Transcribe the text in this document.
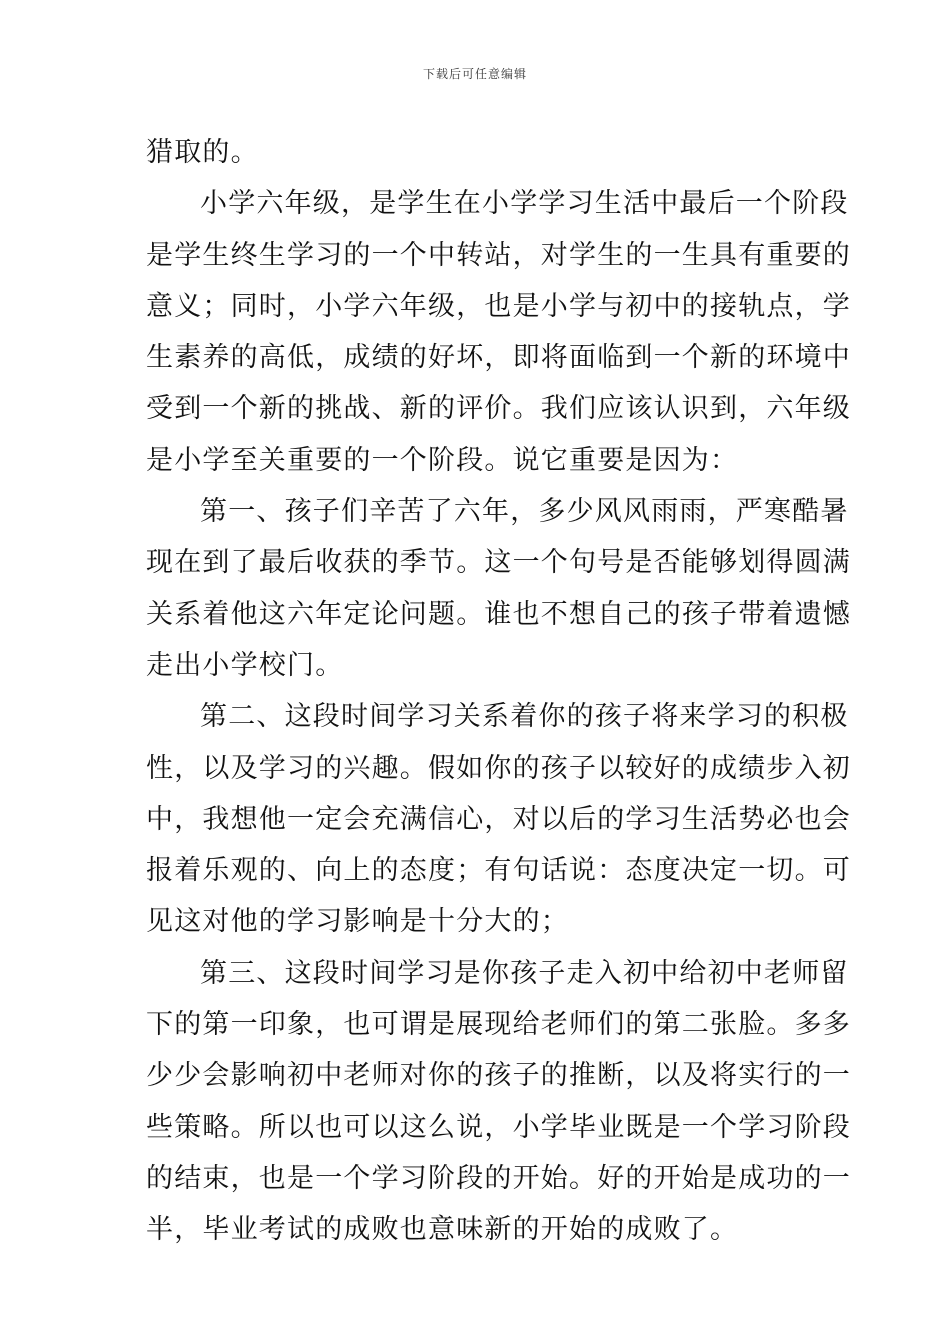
下载后可任意编辑
猎取的。
小学六年级，是学生在小学学习生活中最后一个阶段
是学生终生学习的一个中转站，对学生的一生具有重要的
意义；同时，小学六年级，也是小学与初中的接轨点，学
生素养的高低，成绩的好坏，即将面临到一个新的环境中
受到一个新的挑战、新的评价。我们应该认识到，六年级
是小学至关重要的一个阶段。说它重要是因为：
第一、孩子们辛苦了六年，多少风风雨雨，严寒酷暑
现在到了最后收获的季节。这一个句号是否能够划得圆满
关系着他这六年定论问题。谁也不想自己的孩子带着遗憾
走出小学校门。
第二、这段时间学习关系着你的孩子将来学习的积极
性，以及学习的兴趣。假如你的孩子以较好的成绩步入初
中，我想他一定会充满信心，对以后的学习生活势必也会
报着乐观的、向上的态度；有句话说：态度决定一切。可
见这对他的学习影响是十分大的；
第三、这段时间学习是你孩子走入初中给初中老师留
下的第一印象，也可谓是展现给老师们的第二张脸。多多
少少会影响初中老师对你的孩子的推断，以及将实行的一
些策略。所以也可以这么说，小学毕业既是一个学习阶段
的结束，也是一个学习阶段的开始。好的开始是成功的一
半，毕业考试的成败也意味新的开始的成败了。
